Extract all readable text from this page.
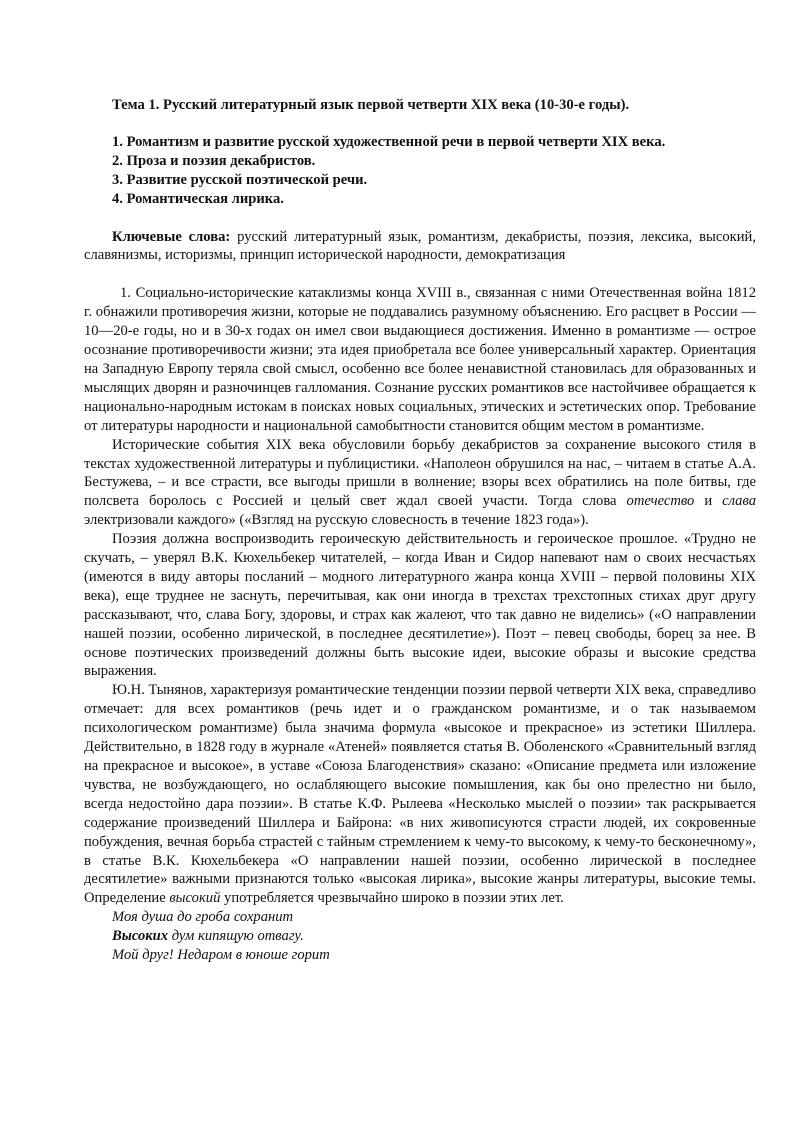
Тема 1. Русский литературный язык первой четверти XIX века (10-30-е годы).

1. Романтизм и развитие русской художественной речи в первой четверти XIX века.
2. Проза и поэзия декабристов.
3. Развитие русской поэтической речи.
4. Романтическая лирика.

Ключевые слова: русский литературный язык, романтизм, декабристы, поэзия, лексика, высокий, славянизмы, историзмы, принцип исторической народности, демократизация

1. Социально-исторические катаклизмы конца XVIII в., связанная с ними Отечественная война 1812 г. обнажили противоречия жизни, которые не поддавались разумному объяснению. Его расцвет в России — 10—20-е годы, но и в 30-х годах он имел свои выдающиеся достижения. Именно в романтизме — острое осознание противоречивости жизни; эта идея приобретала все более универсальный характер. Ориентация на Западную Европу теряла свой смысл, особенно все более ненавистной становилась для образованных и мыслящих дворян и разночинцев галломания. Сознание русских романтиков все настойчивее обращается к национально-народным истокам в поисках новых социальных, этических и эстетических опор. Требование от литературы народности и национальной самобытности становится общим местом в романтизме.

Исторические события XIX века обусловили борьбу декабристов за сохранение высокого стиля в текстах художественной литературы и публицистики. «Наполеон обрушился на нас, – читаем в статье А.А. Бестужева, – и все страсти, все выгоды пришли в волнение; взоры всех обратились на поле битвы, где полсвета боролось с Россией и целый свет ждал своей участи. Тогда слова отечество и слава электризовали каждого» («Взгляд на русскую словесность в течение 1823 года»).

Поэзия должна воспроизводить героическую действительность и героическое прошлое. «Трудно не скучать, – уверял В.К. Кюхельбекер читателей, – когда Иван и Сидор напевают нам о своих несчастьях (имеются в виду авторы посланий – модного литературного жанра конца XVIII – первой половины XIX века), еще труднее не заснуть, перечитывая, как они иногда в трехстах трехстопных стихах друг другу рассказывают, что, слава Богу, здоровы, и страх как жалеют, что так давно не виделись» («О направлении нашей поэзии, особенно лирической, в последнее десятилетие»). Поэт – певец свободы, борец за нее. В основе поэтических произведений должны быть высокие идеи, высокие образы и высокие средства выражения.

Ю.Н. Тынянов, характеризуя романтические тенденции поэзии первой четверти XIX века, справедливо отмечает: для всех романтиков (речь идет и о гражданском романтизме, и о так называемом психологическом романтизме) была значима формула «высокое и прекрасное» из эстетики Шиллера. Действительно, в 1828 году в журнале «Атеней» появляется статья В. Оболенского «Сравнительный взгляд на прекрасное и высокое», в уставе «Союза Благоденствия» сказано: «Описание предмета или изложение чувства, не возбуждающего, но ослабляющего высокие помышления, как бы оно прелестно ни было, всегда недостойно дара поэзии». В статье К.Ф. Рылеева «Несколько мыслей о поэзии» так раскрывается содержание произведений Шиллера и Байрона: «в них живописуются страсти людей, их сокровенные побуждения, вечная борьба страстей с тайным стремлением к чему-то высокому, к чему-то бесконечному», в статье В.К. Кюхельбекера «О направлении нашей поэзии, особенно лирической в последнее десятилетие» важными признаются только «высокая лирика», высокие жанры литературы, высокие темы. Определение высокий употребляется чрезвычайно широко в поэзии этих лет.

Моя душа до гроба сохранит
Высоких дум кипящую отвагу.
Мой друг! Недаром в юноше горит
